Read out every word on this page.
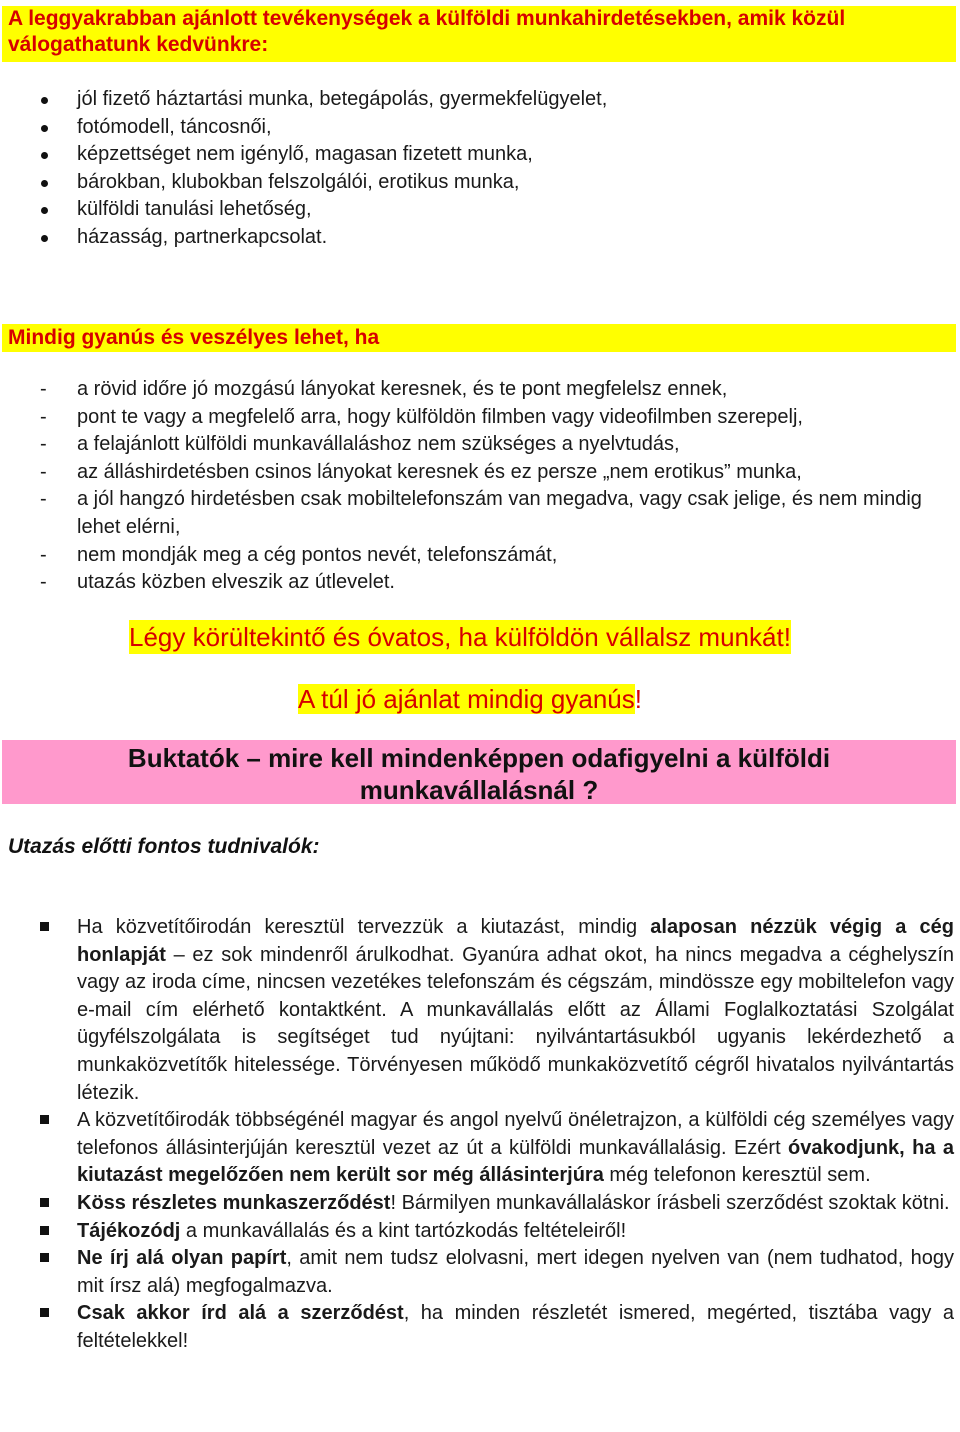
A leggyakrabban ajánlott tevékenységek a külföldi munkahirdetésekben, amik közül válogathatunk kedvünkre:
jól fizető háztartási munka, betegápolás, gyermekfelügyelet,
fotómodell, táncosnői,
képzettséget nem igénylő, magasan fizetett munka,
bárokban, klubokban felszolgálói, erotikus munka,
külföldi tanulási lehetőség,
házasság, partnerkapcsolat.
Mindig gyanús és veszélyes lehet, ha
- a rövid időre jó mozgású lányokat keresnek, és te pont megfelelsz ennek,
- pont te vagy a megfelelő arra, hogy külföldön filmben vagy videofilmben szerepelj,
- a felajánlott külföldi munkavállaláshoz nem szükséges a nyelvtudás,
- az álláshirdetésben csinos lányokat keresnek és ez persze „nem erotikus” munka,
- a jól hangzó hirdetésben csak mobiltelefonszám van megadva, vagy csak jelige, és nem mindig lehet elérni,
- nem mondják meg a cég pontos nevét, telefonszámát,
- utazás közben elveszik az útlevelet.
Légy körültekintő és óvatos, ha külföldön vállalsz munkát!
A túl jó ajánlat mindig gyanús!
Buktatók – mire kell mindenképpen odafigyelni a külföldi
munkavállalásnál ?
Utazás előtti fontos tudnivalók:
Ha közvetítőirodán keresztül tervezzük a kiutazást, mindig alaposan nézzük végig a cég honlapját – ez sok mindenről árulkodhat. Gyanúra adhat okot, ha nincs megadva a céghelyszín vagy az iroda címe, nincsen vezetékes telefonszám és cégszám, mindössze egy mobiltelefon vagy e-mail cím elérhető kontaktként. A munkavállalás előtt az Állami Foglalkoztatási Szolgálat ügyfélszolgálata is segítséget tud nyújtani: nyilvántartásukból ugyanis lekérdezhető a munkaközvetítők hitelessége. Törvényesen működő munkaközvetítő cégről hivatalos nyilvántartás létezik.
A közvetítőirodák többségénél magyar és angol nyelvű önéletrajzon, a külföldi cég személyes vagy telefonos állásinterjúján keresztül vezet az út a külföldi munkavállalásig. Ezért óvakodjunk, ha a kiutazást megelőzően nem került sor még állásinterjúra még telefonon keresztül sem.
Köss részletes munkaszerződést! Bármilyen munkavállaláskor írásbeli szerződést szoktak kötni.
Tájékozódj a munkavállalás és a kint tartózkodás feltételeiről!
Ne írj alá olyan papírt, amit nem tudsz elolvasni, mert idegen nyelven van (nem tudhatod, hogy mit írsz alá) megfogalmazva.
Csak akkor írd alá a szerződést, ha minden részletét ismered, megérted, tisztába vagy a feltételekkel!
